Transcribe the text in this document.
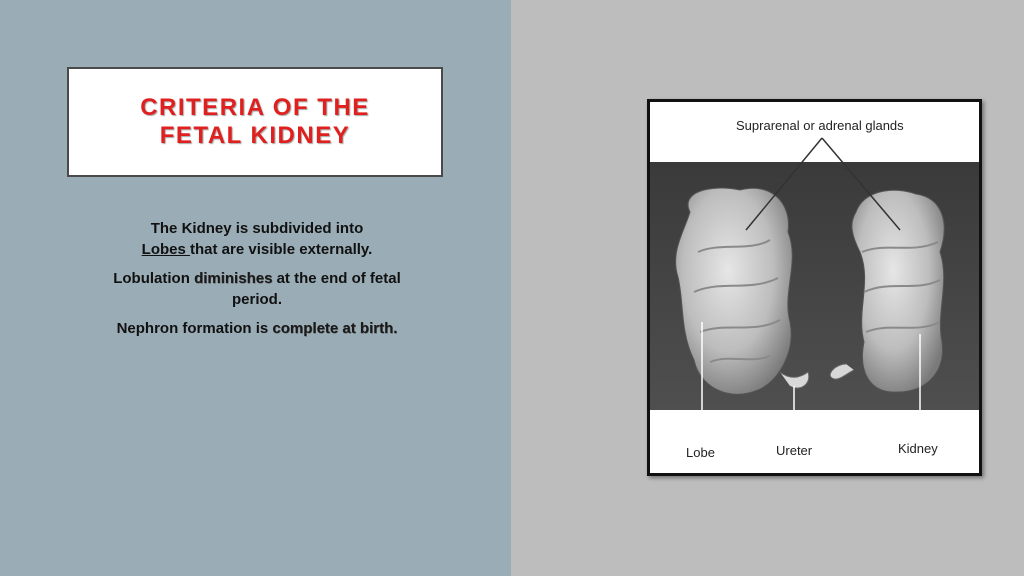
CRITERIA OF THE
FETAL KIDNEY

The Kidney is subdivided into
Lobes that are visible externally.

Lobulation diminishes at the end of fetal period.

Nephron formation is complete at birth.

Suprarenal or adrenal glands
Lobe	Ureter	Kidney
